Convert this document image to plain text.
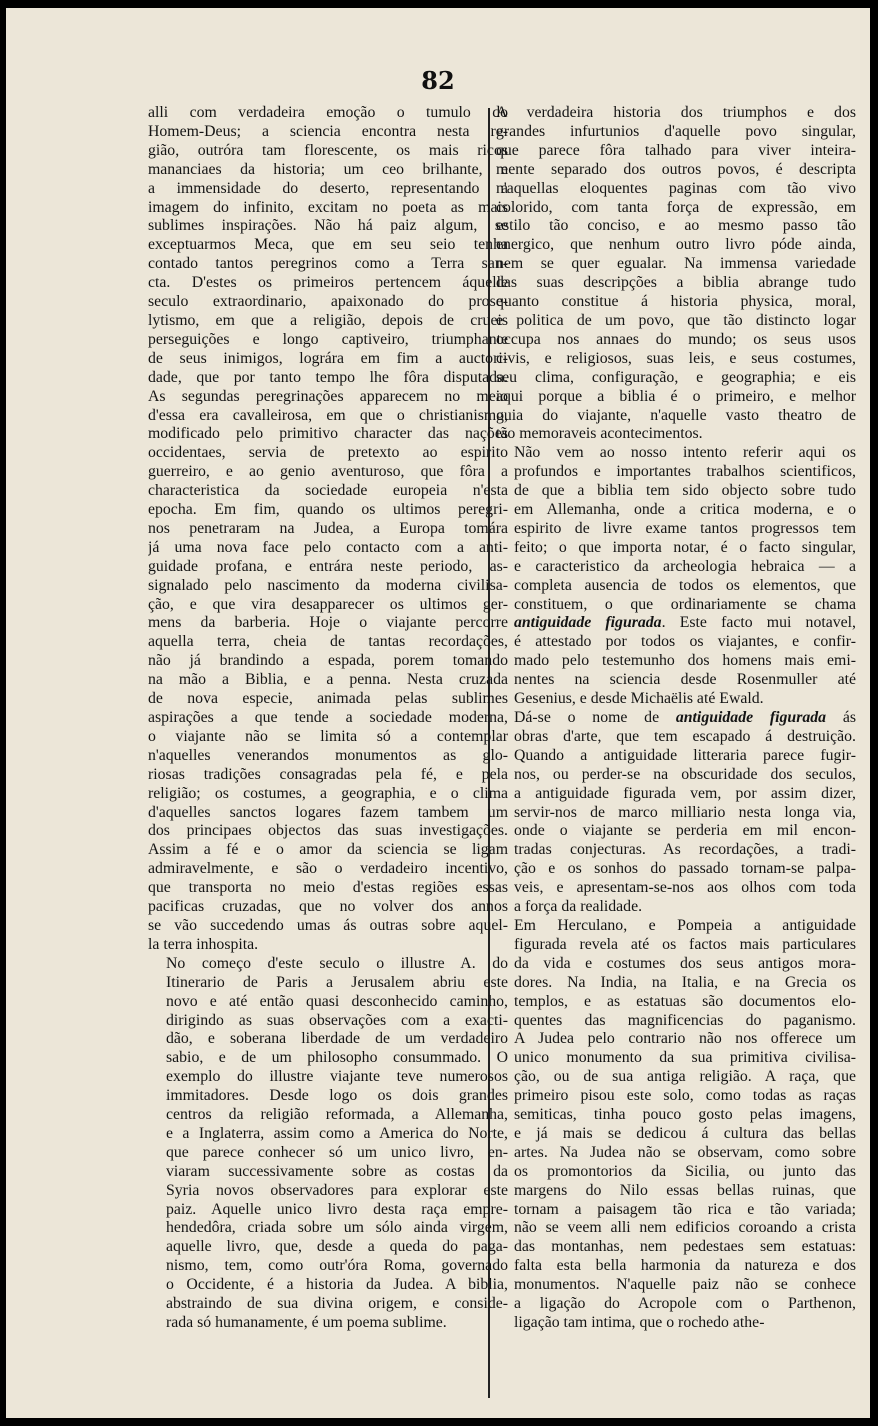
82

alli com verdadeira emoção o tumulo do
Homem-Deus; a sciencia encontra nesta re-
gião, outróra tam florescente, os mais ricos
mananciaes da historia; um ceo brilhante, e
a immensidade do deserto, representando a
imagem do infinito, excitam no poeta as mais
sublimes inspirações. Não há paiz algum, se
exceptuarmos Meca, que em seu seio tenha
contado tantos peregrinos como a Terra san-
cta. D'estes os primeiros pertencem áquelle
seculo extraordinario, apaixonado do prose-
lytismo, em que a religião, depois de crueis
perseguições e longo captiveiro, triumphante
de seus inimigos, lográra em fim a auctori-
dade, que por tanto tempo lhe fôra disputada.
As segundas peregrinações apparecem no meio
d'essa era cavalleirosa, em que o christianismo,
modificado pelo primitivo character das nações
occidentaes, servia de pretexto ao espirito
guerreiro, e ao genio aventuroso, que fôra a
characteristica da sociedade europeia n'esta
epocha. Em fim, quando os ultimos peregri-
nos penetraram na Judea, a Europa tomára
já uma nova face pelo contacto com a anti-
guidade profana, e entrára neste periodo, as-
signalado pelo nascimento da moderna civilisa-
ção, e que vira desapparecer os ultimos ger-
mens da barberia. Hoje o viajante percorre
aquella terra, cheia de tantas recordações,
não já brandindo a espada, porem tomando
na mão a Biblia, e a penna. Nesta cruzada
de nova especie, animada pelas sublimes
aspirações a que tende a sociedade moderna,
o viajante não se limita só a contemplar
n'aquelles venerandos monumentos as glo-
riosas tradições consagradas pela fé, e pela
religião; os costumes, a geographia, e o clima
d'aquelles sanctos logares fazem tambem um
dos principaes objectos das suas investigações.
Assim a fé e o amor da sciencia se ligam
admiravelmente, e são o verdadeiro incentivo,
que transporta no meio d'estas regiões essas
pacificas cruzadas, que no volver dos annos
se vão succedendo umas ás outras sobre aquel-
la terra inhospita.

No começo d'este seculo o illustre A. do
Itinerario de Paris a Jerusalem abriu este
novo e até então quasi desconhecido caminho,
dirigindo as suas observações com a exacti-
dão, e soberana liberdade de um verdadeiro
sabio, e de um philosopho consummado. O
exemplo do illustre viajante teve numerosos
immitadores. Desde logo os dois grandes
centros da religião reformada, a Allemanha,
e a Inglaterra, assim como a America do Norte,
que parece conhecer só um unico livro, en-
viaram successivamente sobre as costas da
Syria novos observadores para explorar este
paiz. Aquelle unico livro desta raça empre-
hendedôra, criada sobre um sólo ainda virgem,
aquelle livro, que, desde a queda do paga-
nismo, tem, como outr'óra Roma, governado
o Occidente, é a historia da Judea. A biblia,
abstraindo de sua divina origem, e conside-
rada só humanamente, é um poema sublime.

A verdadeira historia dos triumphos e dos
grandes infurtunios d'aquelle povo singular,
que parece fôra talhado para viver inteira-
mente separado dos outros povos, é descripta
n'aquellas eloquentes paginas com tão vivo
colorido, com tanta força de expressão, em
estilo tão conciso, e ao mesmo passo tão
energico, que nenhum outro livro póde ainda,
nem se quer egualar. Na immensa variedade
das suas descripções a biblia abrange tudo
quanto constitue á historia physica, moral,
e politica de um povo, que tão distincto logar
occupa nos annaes do mundo; os seus usos
civis, e religiosos, suas leis, e seus costumes,
seu clima, configuração, e geographia; e eis
aqui porque a biblia é o primeiro, e melhor
guia do viajante, n'aquelle vasto theatro de
tão memoraveis acontecimentos.

Não vem ao nosso intento referir aqui os
profundos e importantes trabalhos scientificos,
de que a biblia tem sido objecto sobre tudo
em Allemanha, onde a critica moderna, e o
espirito de livre exame tantos progressos tem
feito; o que importa notar, é o facto singular,
e caracteristico da archeologia hebraica — a
completa ausencia de todos os elementos, que
constituem, o que ordinariamente se chama
antiguidade figurada. Este facto mui notavel,
é attestado por todos os viajantes, e confir-
mado pelo testemunho dos homens mais emi-
nentes na sciencia desde Rosenmuller até
Gesenius, e desde Michaëlis até Ewald.

Dá-se o nome de antiguidade figurada ás
obras d'arte, que tem escapado á destruição.
Quando a antiguidade litteraria parece fugir-
nos, ou perder-se na obscuridade dos seculos,
a antiguidade figurada vem, por assim dizer,
servir-nos de marco milliario nesta longa via,
onde o viajante se perderia em mil encon-
tradas conjecturas. As recordações, a tradi-
ção e os sonhos do passado tornam-se palpa-
veis, e apresentam-se-nos aos olhos com toda
a força da realidade.

Em Herculano, e Pompeia a antiguidade
figurada revela até os factos mais particulares
da vida e costumes dos seus antigos mora-
dores. Na India, na Italia, e na Grecia os
templos, e as estatuas são documentos elo-
quentes das magnificencias do paganismo.
A Judea pelo contrario não nos offerece um
unico monumento da sua primitiva civilisa-
ção, ou de sua antiga religião. A raça, que
primeiro pisou este solo, como todas as raças
semiticas, tinha pouco gosto pelas imagens,
e já mais se dedicou á cultura das bellas
artes. Na Judea não se observam, como sobre
os promontorios da Sicilia, ou junto das
margens do Nilo essas bellas ruinas, que
tornam a paisagem tão rica e tão variada;
não se veem alli nem edificios coroando a crista
das montanhas, nem pedestaes sem estatuas:
falta esta bella harmonia da natureza e dos
monumentos. N'aquelle paiz não se conhece
a ligação do Acropole com o Parthenon,
ligação tam intima, que o rochedo athe-
